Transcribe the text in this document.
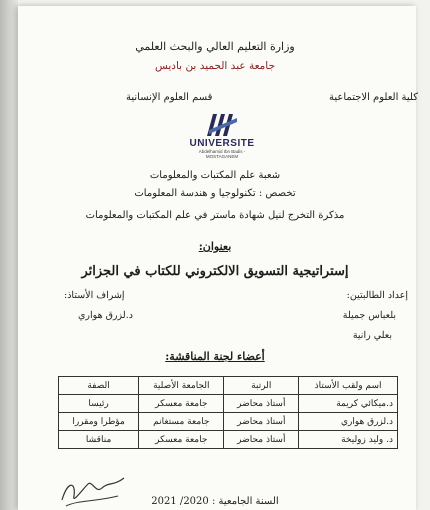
وزارة التعليم العالي والبحث العلمي
جامعة عبد الحميد بن باديس
كلية العلوم الاجتماعية
قسم العلوم الإنسانية
UNIVERSITE
Abdelhamid Ibn Badis - MOSTAGANEM
شعبة علم المكتبات والمعلومات
تخصص : تكنولوجيا و هندسة المعلومات
مذكرة التخرج لنيل شهادة ماستر في علم المكتبات والمعلومات
بعنوان:
إستراتيجية التسويق الالكتروني للكتاب في الجزائر
إعداد الطالبتين:
إشراف الأستاذ:
بلعباس جميلة
د.لزرق هواري
بعلي رانية
أعضاء لجنة المناقشة:
اسم ولقب الأستاذ	الرتبة	الجامعة الأصلية	الصفة
د.ميكائي كريمة	أستاذ محاضر	جامعة معسكر	رئيسا
د.لزرق هواري	أستاذ محاضر	جامعة مستغانم	مؤطرا ومقررا
د. وليد زوليخة	أستاذ محاضر	جامعة معسكر	مناقشا
السنة الجامعية : 2020/ 2021
